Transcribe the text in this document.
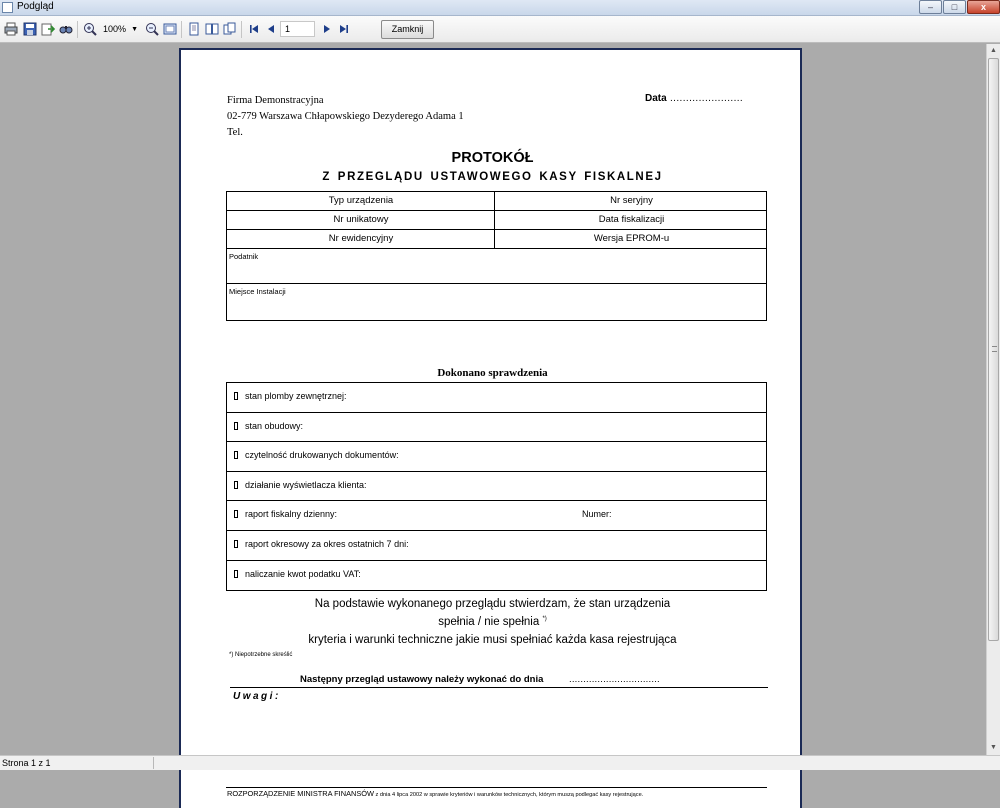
Podgląd	–	□	x
100% ▼	1	Zamknij
Firma Demonstracyjna
02-779 Warszawa Chłapowskiego Dezyderego Adama 1
Tel.
Data .......................
PROTOKÓŁ
Z PRZEGLĄDU USTAWOWEGO KASY FISKALNEJ
Typ urządzenia	Nr seryjny
Nr unikatowy	Data fiskalizacji
Nr ewidencyjny	Wersja EPROM-u
Podatnik
Miejsce Instalacji
Dokonano sprawdzenia
stan plomby zewnętrznej:
stan obudowy:
czytelność drukowanych dokumentów:
działanie wyświetlacza klienta:
raport fiskalny dzienny:	Numer:
raport okresowy za okres ostatnich 7 dni:
naliczanie kwot podatku VAT:
Na podstawie wykonanego przeglądu stwierdzam, że stan urządzenia
spełnia / nie spełnia *)
kryteria i warunki techniczne jakie musi spełniać każda kasa rejestrująca
*) Niepotrzebne skreślić
Następny przegląd ustawowy należy wykonać do dnia	................................
Uwagi:
ROZPORZĄDZENIE MINISTRA FINANSÓW z dnia 4 lipca 2002 w sprawie kryteriów i warunków technicznych, którym muszą podlegać kasy rejestrujące.
▲
▼
Strona 1 z 1
